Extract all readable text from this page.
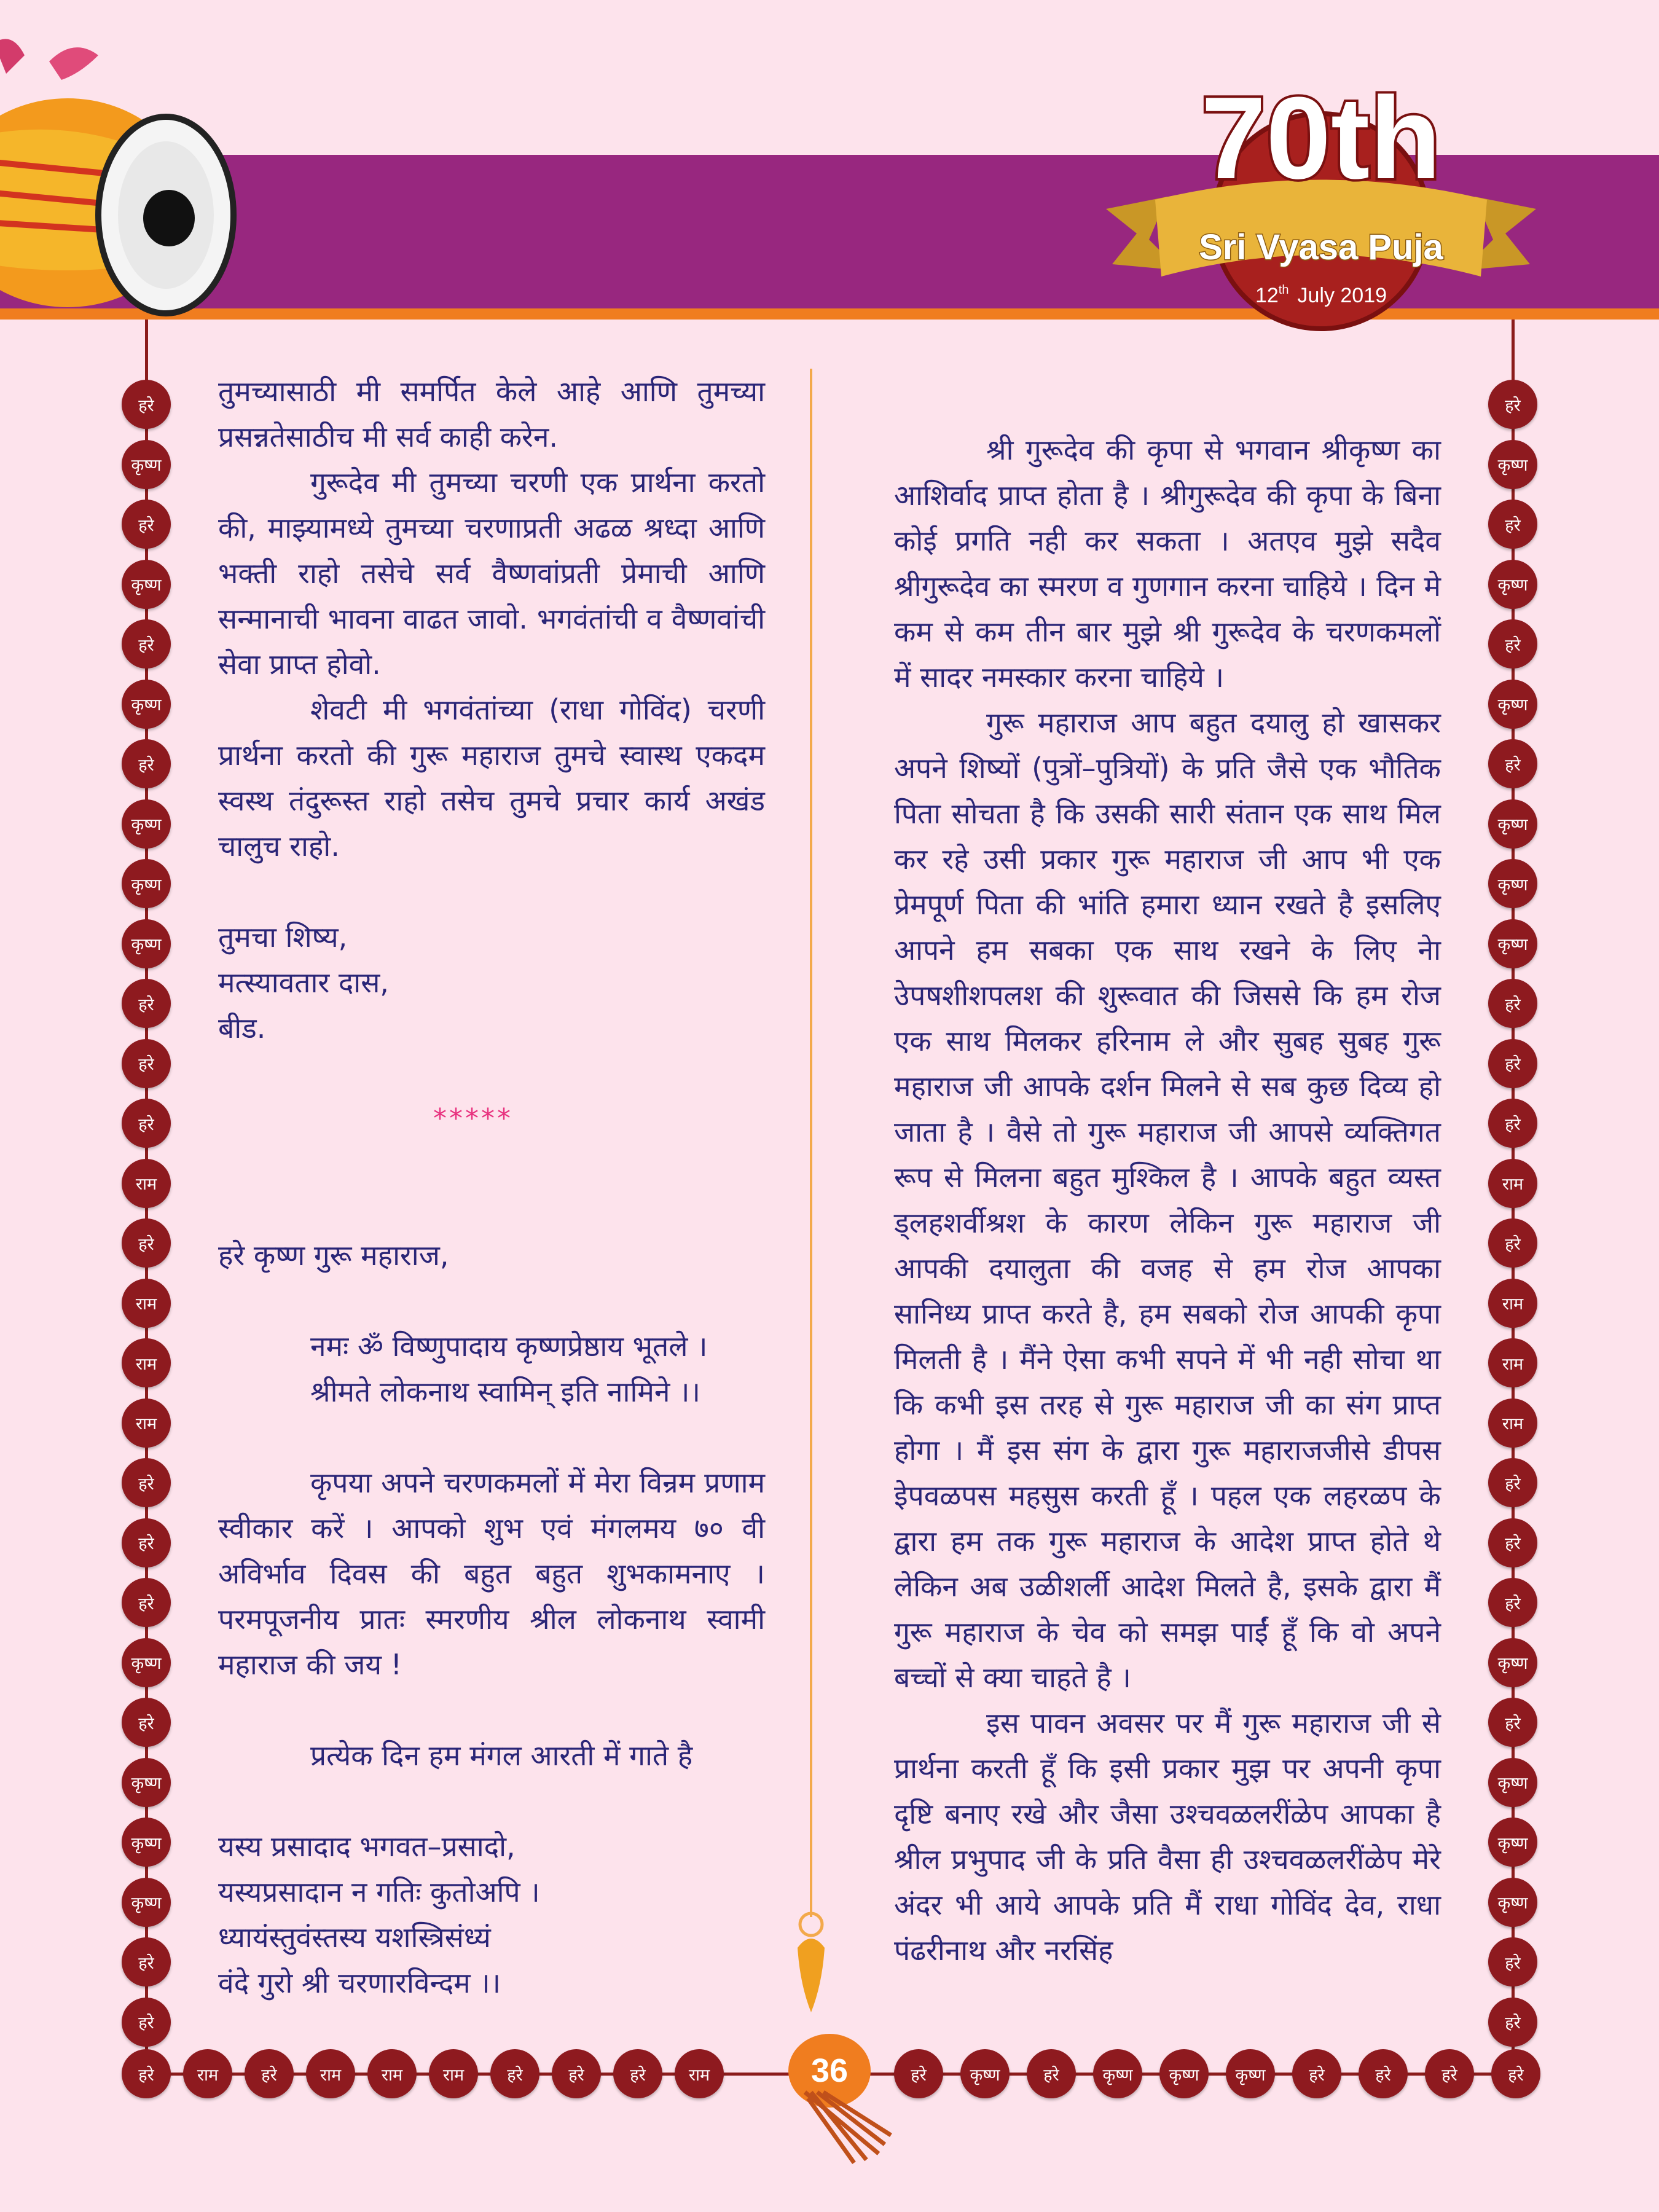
70th
Sri Vyasa Puja
12th July 2019
हरे
कृष्ण
हरे
कृष्ण
हरे
कृष्ण
हरे
कृष्ण
कृष्ण
कृष्ण
हरे
हरे
हरे
राम
हरे
राम
राम
राम
हरे
हरे
हरे
कृष्ण
हरे
कृष्ण
कृष्ण
कृष्ण
हरे
हरे
हरे
कृष्ण
हरे
कृष्ण
हरे
कृष्ण
हरे
कृष्ण
कृष्ण
कृष्ण
हरे
हरे
हरे
राम
हरे
राम
राम
राम
हरे
हरे
हरे
कृष्ण
हरे
कृष्ण
कृष्ण
कृष्ण
हरे
हरे
हरे	राम	हरे	राम	राम	राम	हरे	हरे	हरे	राम	हरे	कृष्ण	हरे	कृष्ण	कृष्ण	कृष्ण	हरे	हरे	हरे	हरे

तुमच्यासाठी मी समर्पित केले आहे आणि तुमच्या प्रसन्नतेसाठीच मी सर्व काही करेन.

गुरूदेव मी तुमच्या चरणी एक प्रार्थना करतो की, माझ्यामध्ये तुमच्या चरणाप्रती अढळ श्रध्दा आणि भक्ती राहो तसेचे सर्व वैष्णवांप्रती प्रेमाची आणि सन्मानाची भावना वाढत जावो. भगवंतांची व वैष्णवांची सेवा प्राप्त होवो.

शेवटी मी भगवंतांच्या (राधा गोविंद) चरणी प्रार्थना करतो की गुरू महाराज तुमचे स्वास्थ एकदम स्वस्थ तंदुरूस्त राहो तसेच तुमचे प्रचार कार्य अखंड चालुच राहो.

तुमचा शिष्य,

मत्स्यावतार दास,

बीड.

*****

हरे कृष्ण गुरू महाराज,

नमः ॐ विष्णुपादाय कृष्णप्रेष्ठाय भूतले ।

श्रीमते लोकनाथ स्वामिन् इति नामिने ।।

कृपया अपने चरणकमलों में मेरा विन्रम प्रणाम स्वीकार करें । आपको शुभ एवं मंगलमय ७० वी अविर्भाव दिवस की बहुत बहुत शुभकामनाए । परमपूजनीय प्रातः स्मरणीय श्रील लोकनाथ स्वामी महाराज की जय !

प्रत्येक दिन हम मंगल आरती में गाते है

यस्य प्रसादाद भगवत–प्रसादो,

यस्यप्रसादान न गतिः कुतोअपि ।

ध्यायंस्तुवंस्तस्य यशस्त्रिसंध्यं

वंदे गुरो श्री चरणारविन्दम ।।

श्री गुरूदेव की कृपा से भगवान श्रीकृष्ण का आशिर्वाद प्राप्त होता है । श्रीगुरूदेव की कृपा के बिना कोई प्रगति नही कर सकता । अतएव मुझे सदैव श्रीगुरूदेव का स्मरण व गुणगान करना चाहिये । दिन मे कम से कम तीन बार मुझे श्री गुरूदेव के चरणकमलों में सादर नमस्कार करना चाहिये ।

गुरू महाराज आप बहुत दयालु हो खासकर अपने शिष्यों (पुत्रों–पुत्रियों) के प्रति जैसे एक भौतिक पिता सोचता है कि उसकी सारी संतान एक साथ मिल कर रहे उसी प्रकार गुरू महाराज जी आप भी एक प्रेमपूर्ण पिता की भांति हमारा ध्यान रखते है इसलिए आपने हम सबका एक साथ रखने के लिए नेा उेपषशीशपलश की शुरूवात की जिससे कि हम रोज एक साथ मिलकर हरिनाम ले और सुबह सुबह गुरू महाराज जी आपके दर्शन मिलने से सब कुछ दिव्य हो जाता है । वैसे तो गुरू महाराज जी आपसे व्यक्तिगत रूप से मिलना बहुत मुश्किल है । आपके बहुत व्यस्त ड्लहशर्वीश्रश के कारण लेकिन गुरू महाराज जी आपकी दयालुता की वजह से हम रोज आपका सानिध्य प्राप्त करते है, हम सबको रोज आपकी कृपा मिलती है । मैंने ऐसा कभी सपने में भी नही सोचा था कि कभी इस तरह से गुरू महाराज जी का संग प्राप्त होगा । मैं इस संग के द्वारा गुरू महाराजजीसे डीपस इेपवळपस महसुस करती हूँ । पहल एक लहरळप के द्वारा हम तक गुरू महाराज के आदेश प्राप्त होते थे लेकिन अब उळीशर्ली आदेश मिलते है, इसके द्वारा मैं गुरू महाराज के चेव को समझ पाईं हूँ कि वो अपने बच्चों से क्या चाहते है ।

इस पावन अवसर पर मैं गुरू महाराज जी से प्रार्थना करती हूँ कि इसी प्रकार मुझ पर अपनी कृपा दृष्टि बनाए रखे और जैसा उश्चवळलरींळेप आपका है श्रील प्रभुपाद जी के प्रति वैसा ही उश्चवळलरींळेप मेरे अंदर भी आये आपके प्रति मैं राधा गोविंद देव, राधा पंढरीनाथ और नरसिंह

36
